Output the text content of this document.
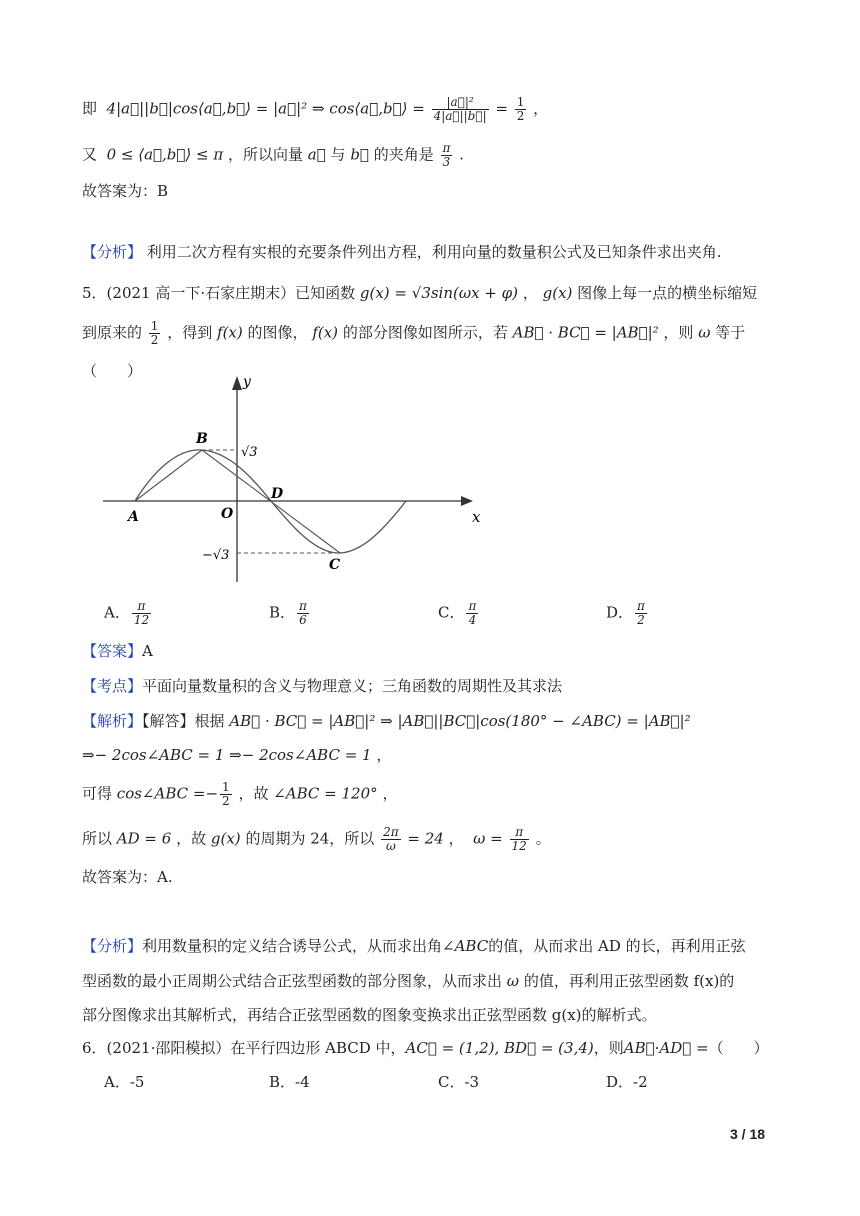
即 4|a⃗||b⃗|cos⟨a⃗,b⃗⟩ = |a⃗|² ⇒ cos⟨a⃗,b⃗⟩ = $\frac{\text{|a⃗|²}}{4|a⃗||b⃗|} = \frac{1}{2}$ ，
又 0 ≤ ⟨a⃗,b⃗⟩ ≤ π ，所以向量 a⃗ 与 b⃗ 的夹角是 $\frac{\pi}{3}$ .
故答案为：B
【分析】 利用二次方程有实根的充要条件列出方程，利用向量的数量积公式及已知条件求出夹角.
5．(2021 高一下·石家庄期末）已知函数 g(x) = √3sin(ωx + φ) ， g(x) 图像上每一点的横坐标缩短
到原来的 $\frac{1}{2}$ ，得到 f(x) 的图像， f(x) 的部分图像如图所示，若 AB⃗ · BC⃗ = |AB⃗|² ，则 ω 等于
（　　）
y
x
B
A	O
D
C
√3
−√3
A． $\frac{\pi}{12}$	B． $\frac{\pi}{6}$	C． $\frac{\pi}{4}$	D． $\frac{\pi}{2}$
【答案】A
【考点】平面向量数量积的含义与物理意义；三角函数的周期性及其求法
【解析】【解答】根据 AB⃗ · BC⃗ = |AB⃗|² ⇒ |AB⃗||BC⃗|cos(180° − ∠ABC) = |AB⃗|²
⇒− 2cos∠ABC = 1 ⇒− 2cos∠ABC = 1 ，
可得 cos∠ABC =− $\frac{1}{2}$ ，故 ∠ABC = 120° ，
所以 AD = 6 ，故 g(x) 的周期为 24，所以 $\frac{2\pi}{\omega} = 24$ ， $\omega = \frac{\pi}{12}$ 。
故答案为：A.
【分析】利用数量积的定义结合诱导公式，从而求出角∠ABC的值，从而求出 AD 的长，再利用正弦
型函数的最小正周期公式结合正弦型函数的部分图象，从而求出 ω 的值，再利用正弦型函数 f(x)的
部分图像求出其解析式，再结合正弦型函数的图象变换求出正弦型函数 g(x)的解析式。
6．(2021·邵阳模拟）在平行四边形 ABCD 中，AC⃗ = (1,2), BD⃗ = (3,4)，则AB⃗·AD⃗ =（　　）
A．-5	B．-4	C．-3	D．-2
3 / 18
